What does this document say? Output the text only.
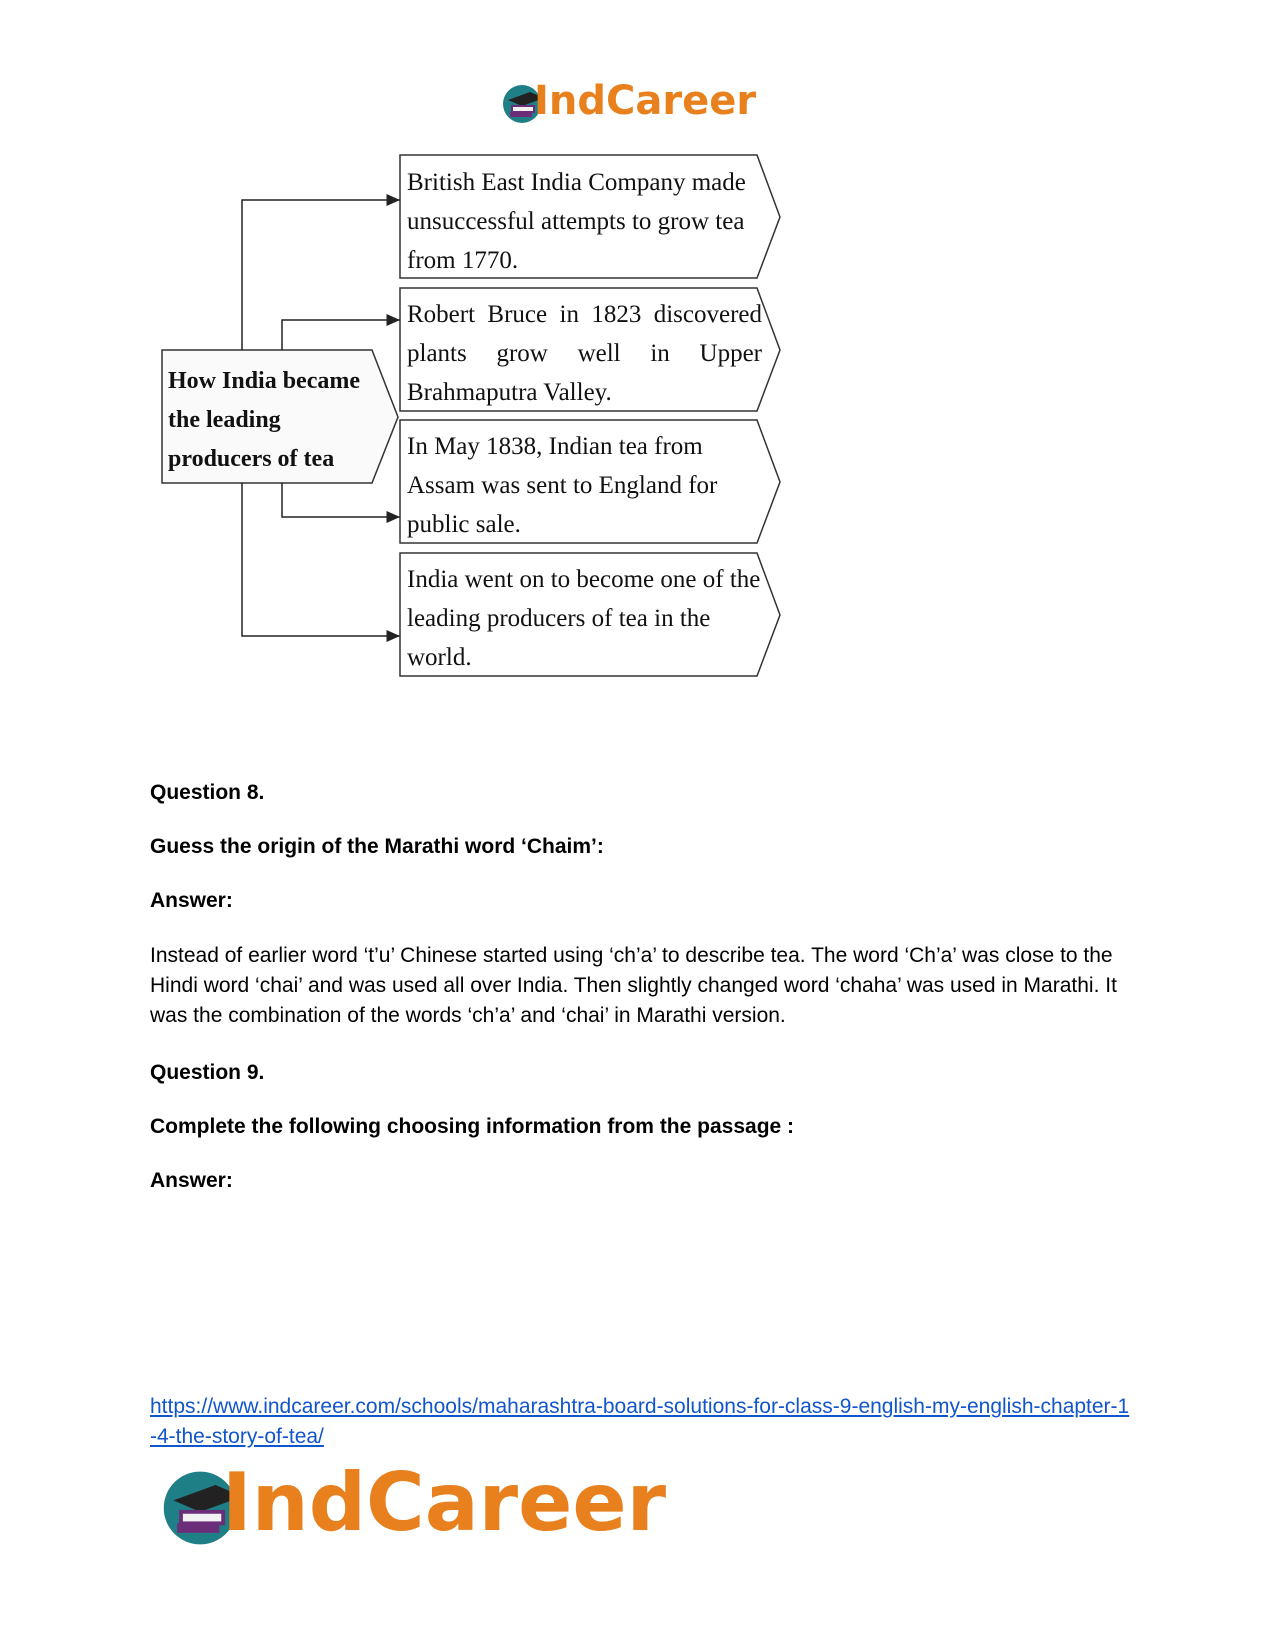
IndCareer
How India became the leading producers of tea
British East India Company made unsuccessful attempts to grow tea from 1770.
Robert Bruce in 1823 discovered plants grow well in Upper Brahmaputra Valley.
In May 1838, Indian tea from Assam was sent to England for public sale.
India went on to become one of the leading producers of tea in the world.
Question 8.
Guess the origin of the Marathi word ‘Chaim’:
Answer:
Instead of earlier word ‘t’u’ Chinese started using ‘ch’a’ to describe tea. The word ‘Ch’a’ was close to the Hindi word ‘chai’ and was used all over India. Then slightly changed word ‘chaha’ was used in Marathi. It was the combination of the words ‘ch’a’ and ‘chai’ in Marathi version.
Question 9.
Complete the following choosing information from the passage :
Answer:
https://www.indcareer.com/schools/maharashtra-board-solutions-for-class-9-english-my-english-chapter-1-4-the-story-of-tea/
IndCareer
